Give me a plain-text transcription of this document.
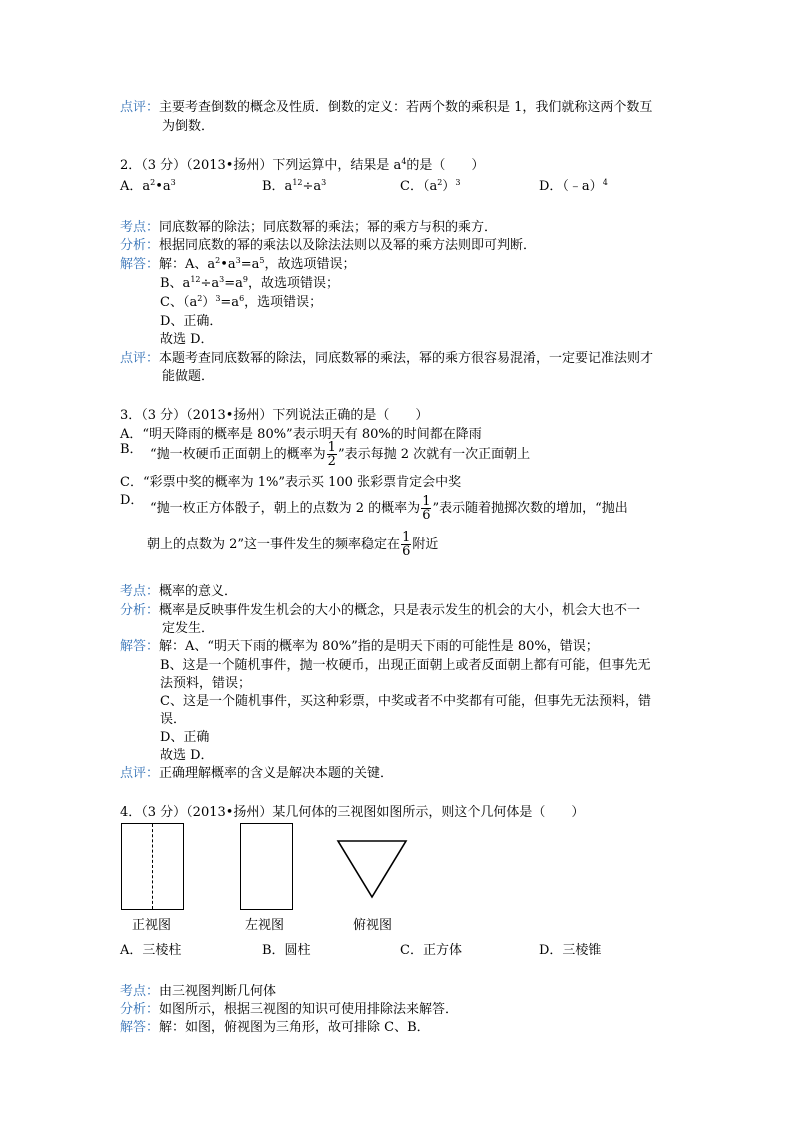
点评：主要考查倒数的概念及性质．倒数的定义：若两个数的乘积是 1，我们就称这两个数互
为倒数．
2．（3 分）（2013•扬州）下列运算中，结果是 $a^4$的是（　　）
A．$a^2•a^3$	B．$a^{12}\div a^3$	C．$(a^2)^3$	D．（﹣a）$^4$
考点：同底数幂的除法；同底数幂的乘法；幂的乘方与积的乘方．
分析：根据同底数的幂的乘法以及除法法则以及幂的乘方法则即可判断．
解答：解：A、$a^2•a^3=a^5$，故选项错误；
B、$a^{12}\div a^3=a^9$，故选项错误；
C、$(a^2)^3=a^6$，选项错误；
D、正确．
故选 D．
点评：本题考查同底数幂的除法，同底数幂的乘法，幂的乘方很容易混淆，一定要记准法则才
能做题．
3．（3 分）（2013•扬州）下列说法正确的是（　　）
A．“明天降雨的概率是 80%”表示明天有 80%的时间都在降雨
B． “抛一枚硬币正面朝上的概率为 $\frac{1}{2}$ ”表示每抛 2 次就有一次正面朝上
C．“彩票中奖的概率为 1%”表示买 100 张彩票肯定会中奖
D．
“抛一枚正方体骰子，朝上的点数为 2 的概率为 $\frac{1}{6}$ ”表示随着抛掷次数的增加，“抛出
朝上的点数为 2”这一事件发生的频率稳定在 $\frac{1}{6}$ 附近
考点：概率的意义．
分析：概率是反映事件发生机会的大小的概念，只是表示发生的机会的大小，机会大也不一
定发生．
解答：解：A、“明天下雨的概率为 80%”指的是明天下雨的可能性是 80%，错误；
B、这是一个随机事件，抛一枚硬币，出现正面朝上或者反面朝上都有可能，但事先无
法预料，错误；
C、这是一个随机事件，买这种彩票，中奖或者不中奖都有可能，但事先无法预料，错
误．
D、正确
故选 D．
点评：正确理解概率的含义是解决本题的关键．
4．（3 分）（2013•扬州）某几何体的三视图如图所示，则这个几何体是（　　）
正视图	左视图	俯视图
A．三棱柱	B．圆柱	C．正方体	D．三棱锥
考点：由三视图判断几何体
分析：如图所示，根据三视图的知识可使用排除法来解答．
解答：解：如图，俯视图为三角形，故可排除 C、B．
